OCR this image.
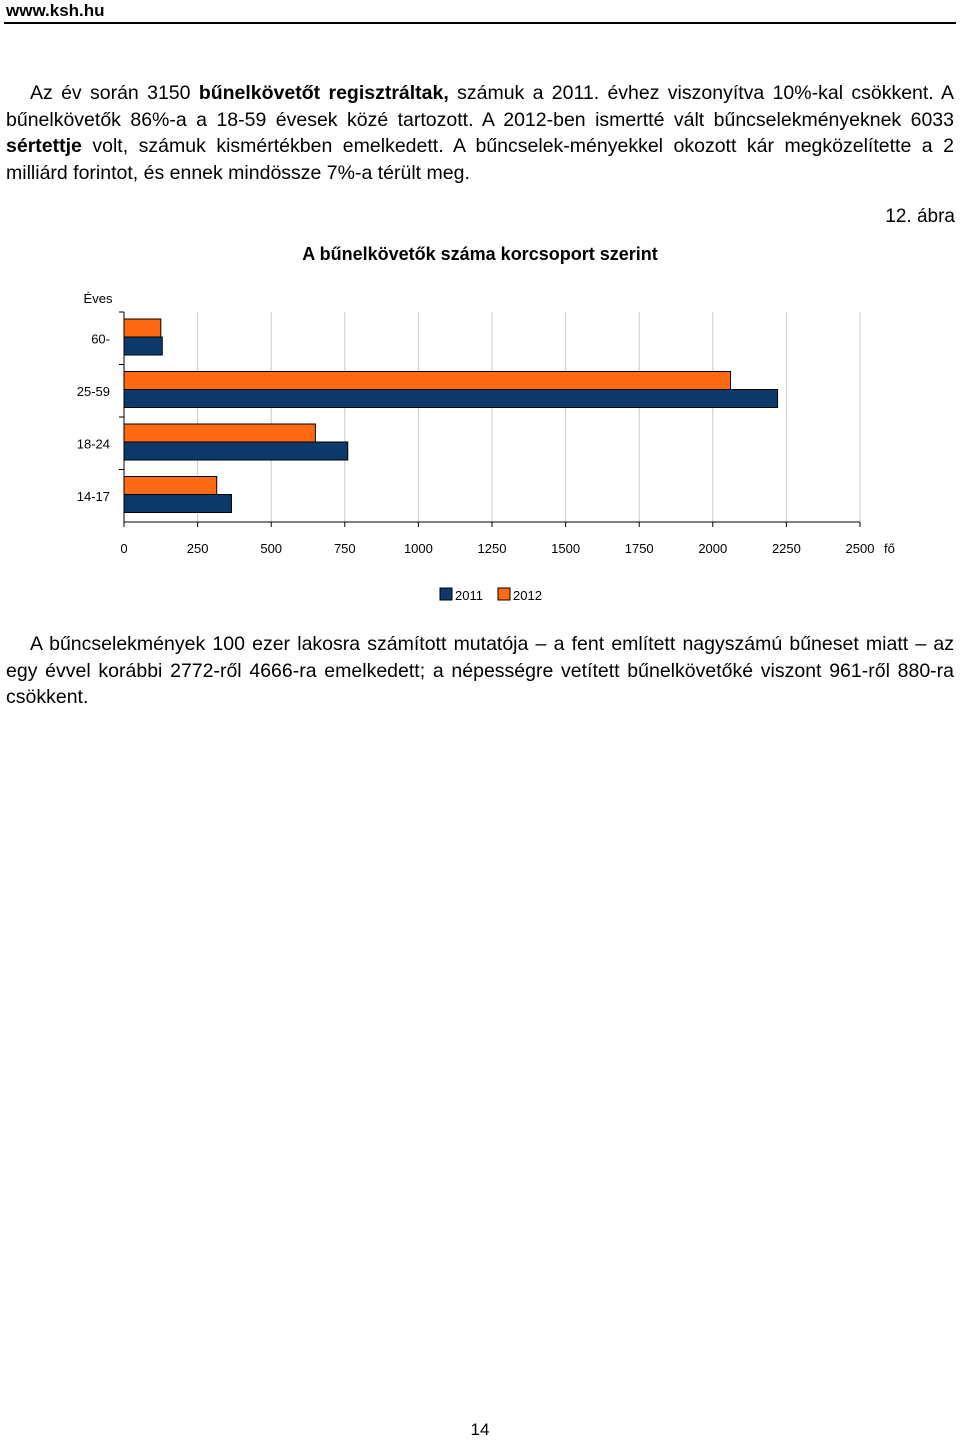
www.ksh.hu
Az év során 3150 bűnelkövetőt regisztráltak, számuk a 2011. évhez viszonyítva 10%-kal csökkent. A bűnelkövetők 86%-a a 18-59 évesek közé tartozott. A 2012-ben ismertté vált bűncselekményeknek 6033 sértettje volt, számuk kismértékben emelkedett. A bűncselek-ményekkel okozott kár megközelítette a 2 milliárd forintot, és ennek mindössze 7%-a térült meg.
12. ábra
A bűnelkövetők száma korcsoport szerint
Éves
0	250	500	750	1000	1250	1500	1750	2000	2250	2500
14-17
18-24
25-59
60-
fő
2011 2012
A bűncselekmények 100 ezer lakosra számított mutatója – a fent említett nagyszámú bűneset miatt – az egy évvel korábbi 2772-ről 4666-ra emelkedett; a népességre vetített bűnelkövetőké viszont 961-ről 880-ra csökkent.
14
